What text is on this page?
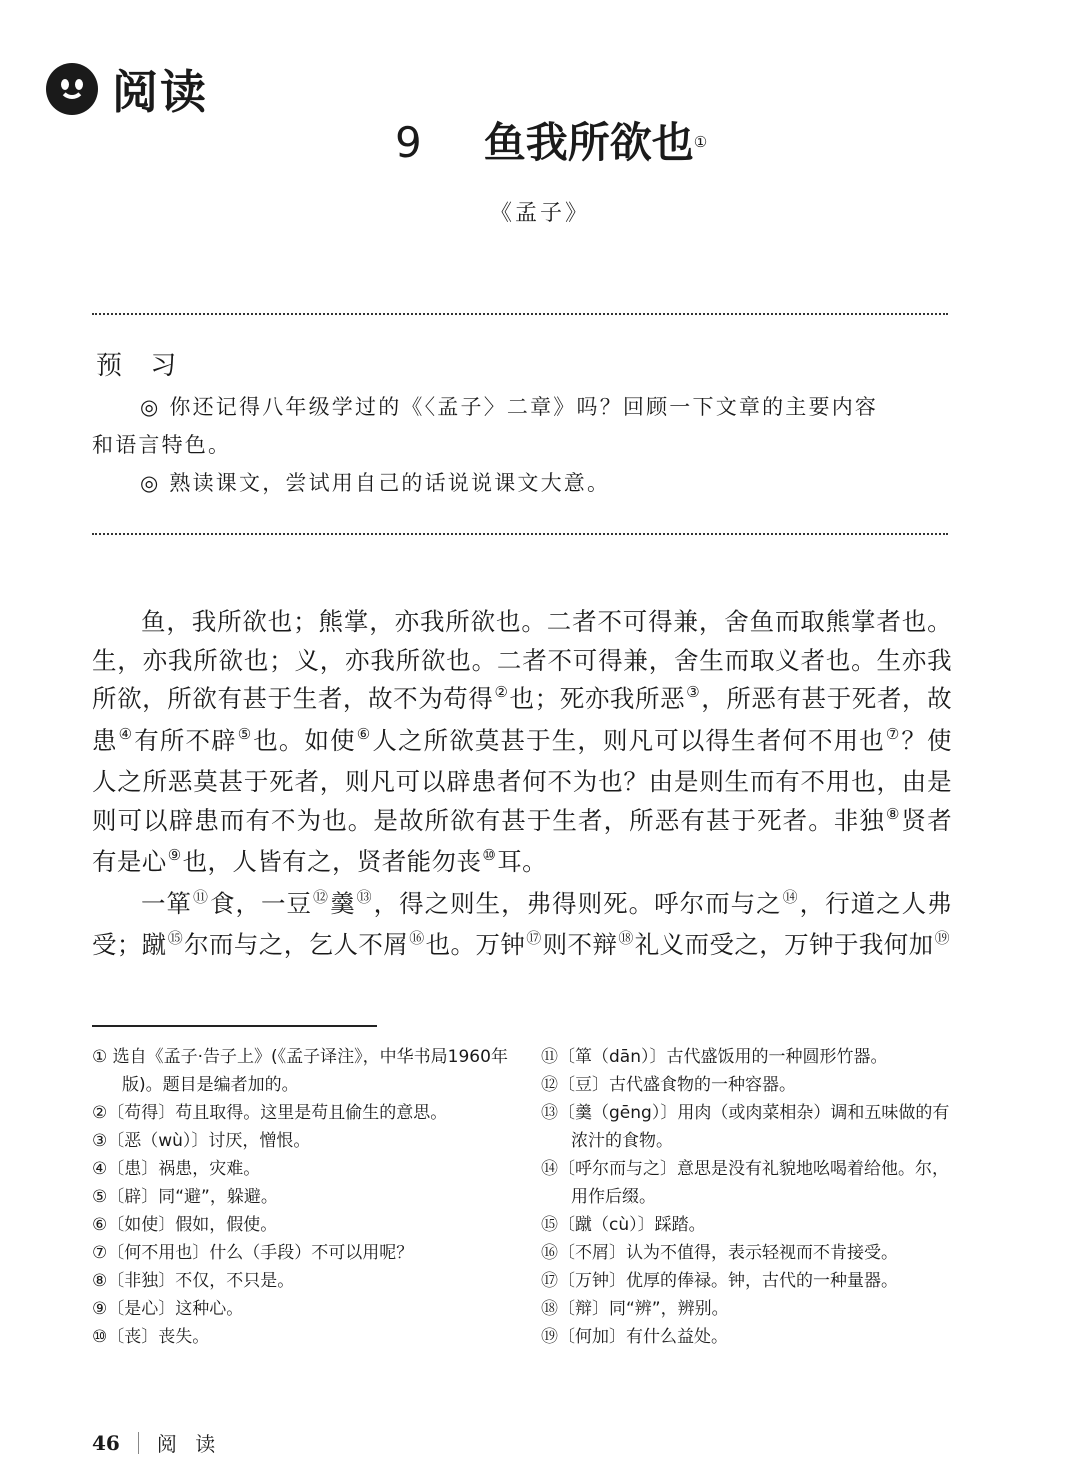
阅读
9 鱼我所欲也 ①
《孟子》
预 习
◎ 你还记得八年级学过的《〈孟子〉二章》吗？回顾一下文章的主要内容
和语言特色。
◎ 熟读课文，尝试用自己的话说说课文大意。

鱼，我所欲也；熊掌，亦我所欲也。二者不可得兼，舍鱼而取熊掌者也。生，亦我所欲也；义，亦我所欲也。二者不可得兼，舍生而取义者也。生亦我所欲，所欲有甚于生者，故不为苟得②也；死亦我所恶③，所恶有甚于死者，故患④有所不辟⑤也。如使⑥人之所欲莫甚于生，则凡可以得生者何不用也⑦？使人之所恶莫甚于死者，则凡可以辟患者何不为也？由是则生而有不用也，由是则可以辟患而有不为也。是故所欲有甚于生者，所恶有甚于死者。非独⑧贤者有是心⑨也，人皆有之，贤者能勿丧⑩耳。

一箪⑪食，一豆⑫羹⑬，得之则生，弗得则死。呼尔而与之⑭，行道之人弗受；蹴⑮尔而与之，乞人不屑⑯也。万钟⑰则不辩⑱礼义而受之，万钟于我何加⑲

① 选自《孟子·告子上》(《孟子译注》，中华书局1960年版)。题目是编者加的。

②〔苟得〕苟且取得。这里是苟且偷生的意思。

③〔恶（wù）〕讨厌，憎恨。

④〔患〕祸患，灾难。

⑤〔辟〕同“避”，躲避。

⑥〔如使〕假如，假使。

⑦〔何不用也〕什么（手段）不可以用呢？

⑧〔非独〕不仅，不只是。

⑨〔是心〕这种心。

⑩〔丧〕丧失。

⑪〔箪（dān）〕古代盛饭用的一种圆形竹器。

⑫〔豆〕古代盛食物的一种容器。

⑬〔羹（gēng）〕用肉（或肉菜相杂）调和五味做的有浓汁的食物。

⑭〔呼尔而与之〕意思是没有礼貌地吆喝着给他。尔，用作后缀。

⑮〔蹴（cù）〕踩踏。

⑯〔不屑〕认为不值得，表示轻视而不肯接受。

⑰〔万钟〕优厚的俸禄。钟，古代的一种量器。

⑱〔辩〕同“辨”，辨别。

⑲〔何加〕有什么益处。

46 阅 读
